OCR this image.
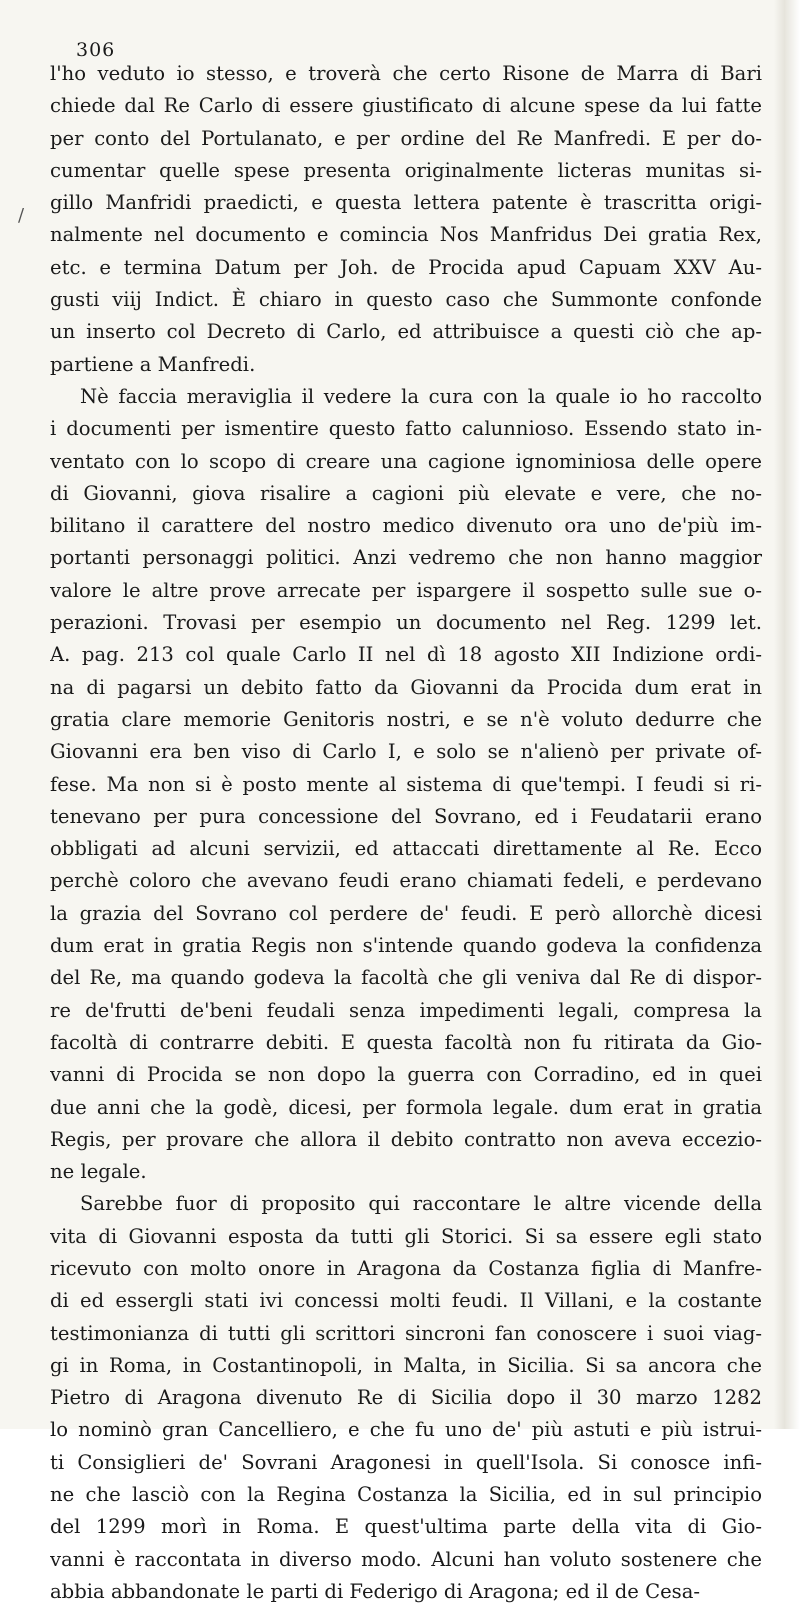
306
l'ho veduto io stesso, e troverà che certo Risone de Marra di Bari
chiede dal Re Carlo di essere giustificato di alcune spese da lui fatte
per conto del Portulanato, e per ordine del Re Manfredi. E per do-
cumentar quelle spese presenta originalmente licteras munitas si-
gillo Manfridi praedicti, e questa lettera patente è trascritta origi-
nalmente nel documento e comincia Nos Manfridus Dei gratia Rex,
etc. e termina Datum per Joh. de Procida apud Capuam XXV Au-
gusti viij Indict. È chiaro in questo caso che Summonte confonde
un inserto col Decreto di Carlo, ed attribuisce a questi ciò che ap-
partiene a Manfredi.
Nè faccia meraviglia il vedere la cura con la quale io ho raccolto
i documenti per ismentire questo fatto calunnioso. Essendo stato in-
ventato con lo scopo di creare una cagione ignominiosa delle opere
di Giovanni, giova risalire a cagioni più elevate e vere, che no-
bilitano il carattere del nostro medico divenuto ora uno de'più im-
portanti personaggi politici. Anzi vedremo che non hanno maggior
valore le altre prove arrecate per ispargere il sospetto sulle sue o-
perazioni. Trovasi per esempio un documento nel Reg. 1299 let.
A. pag. 213 col quale Carlo II nel dì 18 agosto XII Indizione ordi-
na di pagarsi un debito fatto da Giovanni da Procida dum erat in
gratia clare memorie Genitoris nostri, e se n'è voluto dedurre che
Giovanni era ben viso di Carlo I, e solo se n'alienò per private of-
fese. Ma non si è posto mente al sistema di que'tempi. I feudi si ri-
tenevano per pura concessione del Sovrano, ed i Feudatarii erano
obbligati ad alcuni servizii, ed attaccati direttamente al Re. Ecco
perchè coloro che avevano feudi erano chiamati fedeli, e perdevano
la grazia del Sovrano col perdere de' feudi. E però allorchè dicesi
dum erat in gratia Regis non s'intende quando godeva la confidenza
del Re, ma quando godeva la facoltà che gli veniva dal Re di dispor-
re de'frutti de'beni feudali senza impedimenti legali, compresa la
facoltà di contrarre debiti. E questa facoltà non fu ritirata da Gio-
vanni di Procida se non dopo la guerra con Corradino, ed in quei
due anni che la godè, dicesi, per formola legale. dum erat in gratia
Regis, per provare che allora il debito contratto non aveva eccezio-
ne legale.
Sarebbe fuor di proposito qui raccontare le altre vicende della
vita di Giovanni esposta da tutti gli Storici. Si sa essere egli stato
ricevuto con molto onore in Aragona da Costanza figlia di Manfre-
di ed essergli stati ivi concessi molti feudi. Il Villani, e la costante
testimonianza di tutti gli scrittori sincroni fan conoscere i suoi viag-
gi in Roma, in Costantinopoli, in Malta, in Sicilia. Si sa ancora che
Pietro di Aragona divenuto Re di Sicilia dopo il 30 marzo 1282
lo nominò gran Cancelliero, e che fu uno de' più astuti e più istrui-
ti Consiglieri de' Sovrani Aragonesi in quell'Isola. Si conosce infi-
ne che lasciò con la Regina Costanza la Sicilia, ed in sul principio
del 1299 morì in Roma. E quest'ultima parte della vita di Gio-
vanni è raccontata in diverso modo. Alcuni han voluto sostenere che
abbia abbandonate le parti di Federigo di Aragona; ed il de Cesa-
/
